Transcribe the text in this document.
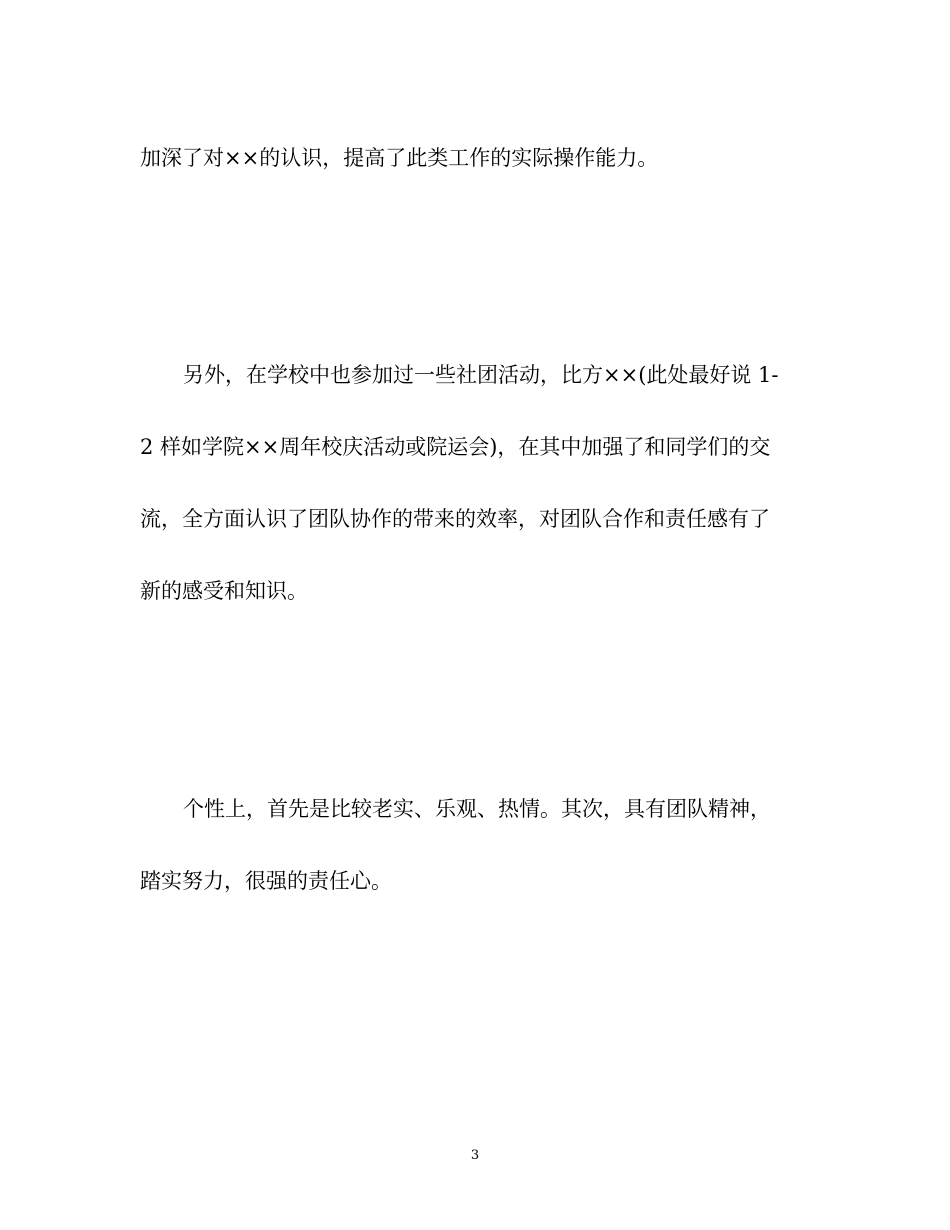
加深了对××的认识，提高了此类工作的实际操作能力。
另外，在学校中也参加过一些社团活动，比方××(此处最好说 1-
2 样如学院××周年校庆活动或院运会)，在其中加强了和同学们的交
流，全方面认识了团队协作的带来的效率，对团队合作和责任感有了
新的感受和知识。
个性上，首先是比较老实、乐观、热情。其次，具有团队精神，
踏实努力，很强的责任心。
3
